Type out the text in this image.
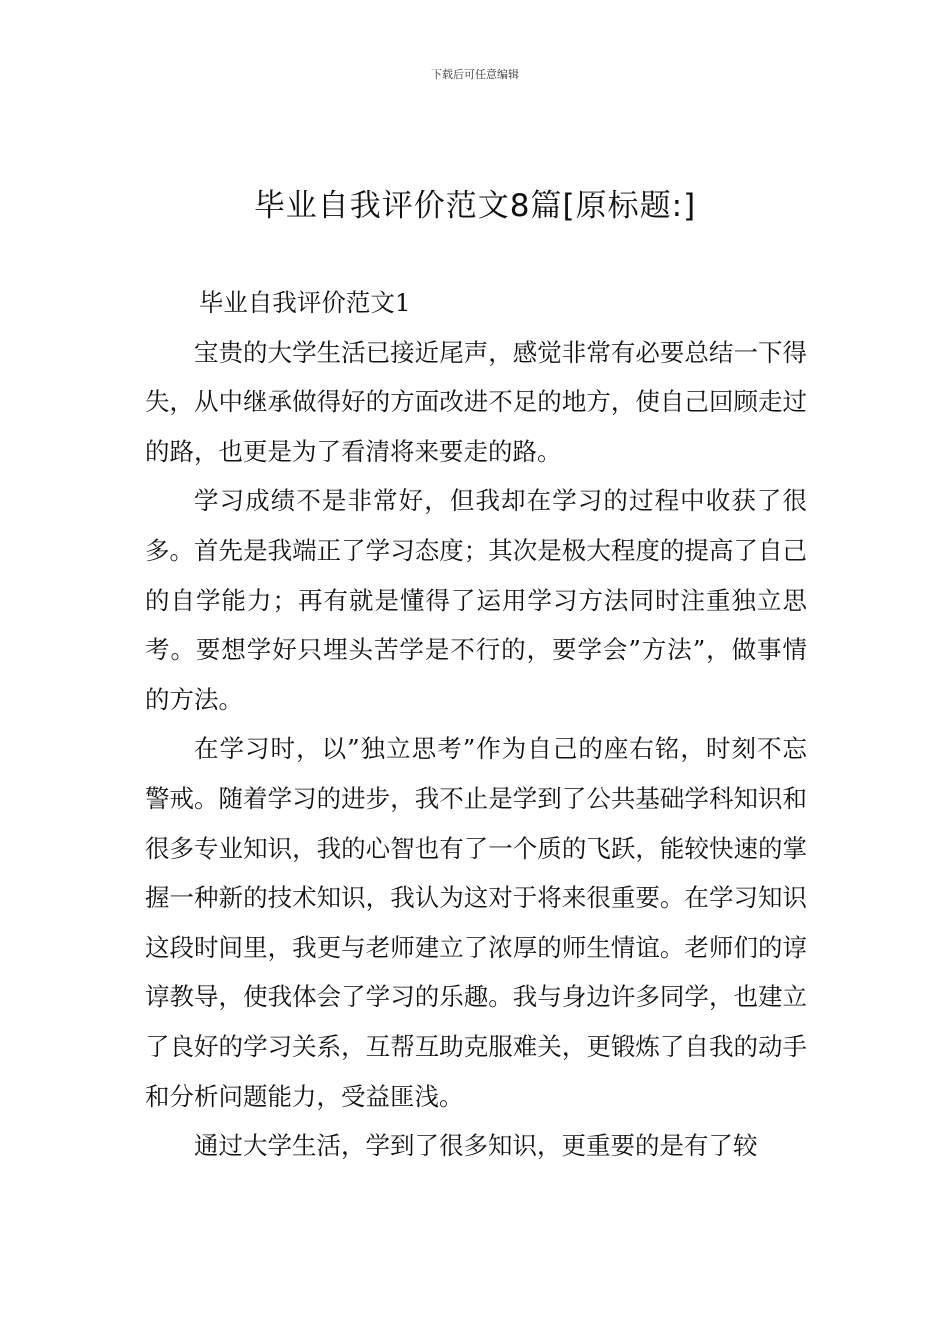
下载后可任意编辑
毕业自我评价范文8篇[原标题:]

毕业自我评价范文1

宝贵的大学生活已接近尾声，感觉非常有必要总结一下得失，从中继承做得好的方面改进不足的地方，使自己回顾走过的路，也更是为了看清将来要走的路。

学习成绩不是非常好，但我却在学习的过程中收获了很多。首先是我端正了学习态度；其次是极大程度的提高了自己的自学能力；再有就是懂得了运用学习方法同时注重独立思考。要想学好只埋头苦学是不行的，要学会”方法”，做事情的方法。

在学习时，以”独立思考”作为自己的座右铭，时刻不忘警戒。随着学习的进步，我不止是学到了公共基础学科知识和很多专业知识，我的心智也有了一个质的飞跃，能较快速的掌握一种新的技术知识，我认为这对于将来很重要。在学习知识这段时间里，我更与老师建立了浓厚的师生情谊。老师们的谆谆教导，使我体会了学习的乐趣。我与身边许多同学，也建立了良好的学习关系，互帮互助克服难关，更锻炼了自我的动手和分析问题能力，受益匪浅。

通过大学生活，学到了很多知识，更重要的是有了较
